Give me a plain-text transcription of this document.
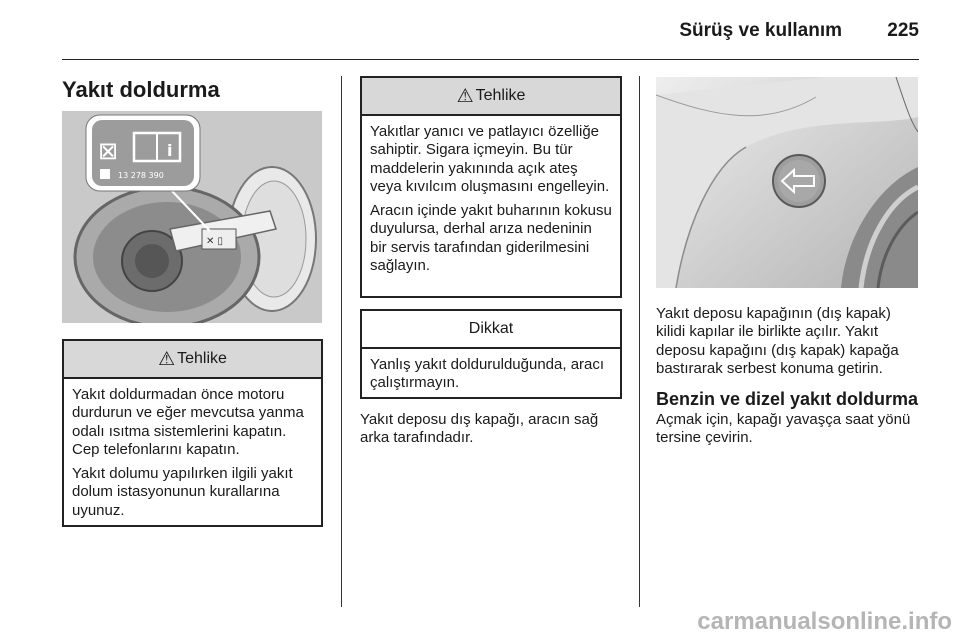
Sürüş ve kullanım 225
Yakıt doldurma
✕ ▯
⊠	i
13 278 390
⚠ Tehlike

Yakıt doldurmadan önce motoru durdurun ve eğer mevcutsa yanma odalı ısıtma sistemlerini kapatın. Cep telefonlarını kapatın.

Yakıt dolumu yapılırken ilgili yakıt dolum istasyonunun kurallarına uyunuz.

⚠ Tehlike

Yakıtlar yanıcı ve patlayıcı özelliğe sahiptir. Sigara içmeyin. Bu tür maddelerin yakınında açık ateş veya kıvılcım oluşmasını engelleyin.

Aracın içinde yakıt buharının kokusu duyulursa, derhal arıza nedeninin bir servis tarafından giderilmesini sağlayın.

Dikkat

Yanlış yakıt doldurulduğunda, aracı çalıştırmayın.

Yakıt deposu dış kapağı, aracın sağ arka tarafındadır.
Yakıt deposu kapağının (dış kapak) kilidi kapılar ile birlikte açılır. Yakıt deposu kapağını (dış kapak) kapağa bastırarak serbest konuma getirin.
Benzin ve dizel yakıt doldurma
Açmak için, kapağı yavaşça saat yönü tersine çevirin.
carmanualsonline.info
